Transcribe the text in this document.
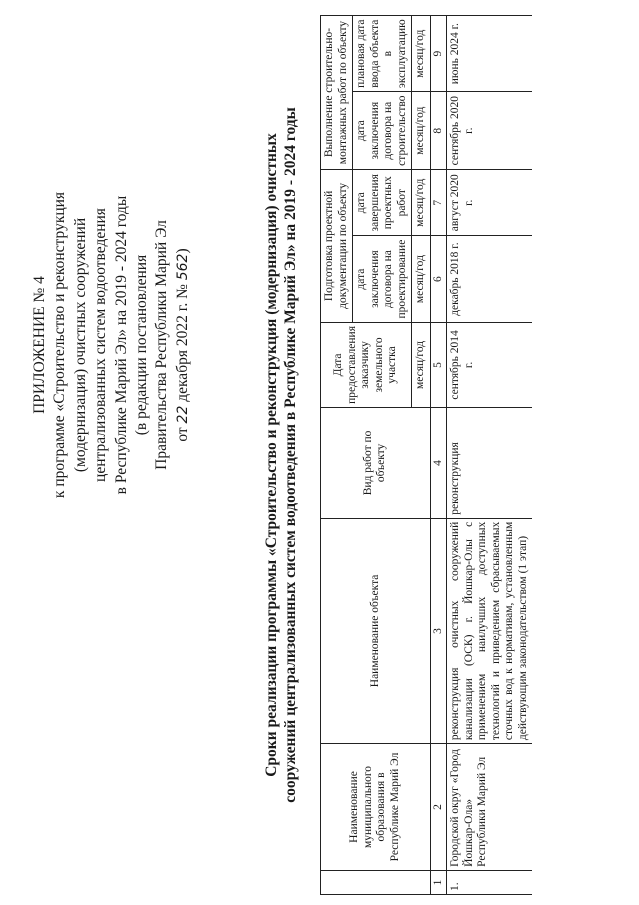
ПРИЛОЖЕНИЕ № 4 к программе «Строительство и реконструкция (модернизация) очистных сооружений централизованных систем водоотведения в Республике Марий Эл» на 2019 - 2024 годы (в редакции постановления Правительства Республики Марий Эл от 22 декабря 2022 г. № 562)	Сроки реализации программы «Строительство и реконструкция (модернизация) очистных сооружений централизованных систем водоотведения в Республике Марий Эл» на 2019 - 2024 годы
	Наименование муниципального образования в Республике Марий Эл	Наименование объекта	Вид работ по объекту	Дата предоставления заказчику земельного участка	Подготовка проектной документации по объекту		Выполнение строительно-монтажных работ по объекту	
					дата заключения договора на проектирование	дата завершения проектных работ	дата заключения договора на строительство	плановая дата ввода объекта в эксплуатацию
				месяц/год	месяц/год	месяц/год	месяц/год	месяц/год
1	2	3	4	5	6	7	8	9
1.	Городской округ «Город Йошкар-Ола» Республики Марий Эл	реконструкция очистных сооружений канализации (ОСК) г. Йошкар-Олы с применением наилучших доступных технологий и приведением сбрасываемых сточных вод к нормативам, установленным действующим законодательством (1 этап)	реконструкция	сентябрь 2014 г.	декабрь 2018 г.	август 2020 г.	сентябрь 2020 г.	июнь 2024 г.
